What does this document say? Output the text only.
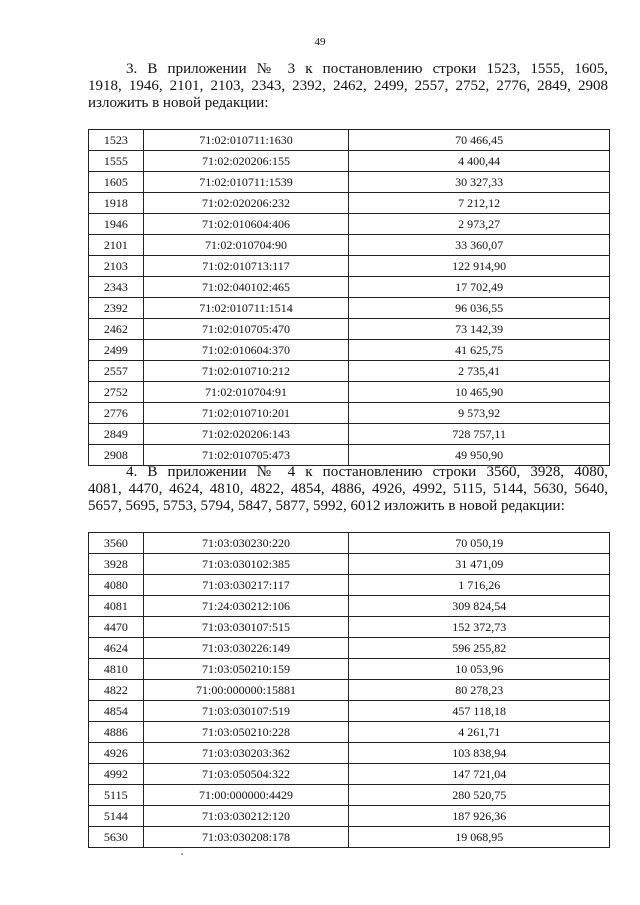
49

3. В приложении № 3 к постановлению строки 1523, 1555, 1605,
1918, 1946, 2101, 2103, 2343, 2392, 2462, 2499, 2557, 2752, 2776, 2849, 2908
изложить в новой редакции:

1523	71:02:010711:1630	70 466,45
1555	71:02:020206:155	4 400,44
1605	71:02:010711:1539	30 327,33
1918	71:02:020206:232	7 212,12
1946	71:02:010604:406	2 973,27
2101	71:02:010704:90	33 360,07
2103	71:02:010713:117	122 914,90
2343	71:02:040102:465	17 702,49
2392	71:02:010711:1514	96 036,55
2462	71:02:010705:470	73 142,39
2499	71:02:010604:370	41 625,75
2557	71:02:010710:212	2 735,41
2752	71:02:010704:91	10 465,90
2776	71:02:010710:201	9 573,92
2849	71:02:020206:143	728 757,11
2908	71:02:010705:473	49 950,90

4. В приложении № 4 к постановлению строки 3560, 3928, 4080,
4081, 4470, 4624, 4810, 4822, 4854, 4886, 4926, 4992, 5115, 5144, 5630, 5640,
5657, 5695, 5753, 5794, 5847, 5877, 5992, 6012 изложить в новой редакции:

3560	71:03:030230:220	70 050,19
3928	71:03:030102:385	31 471,09
4080	71:03:030217:117	1 716,26
4081	71:24:030212:106	309 824,54
4470	71:03:030107:515	152 372,73
4624	71:03:030226:149	596 255,82
4810	71:03:050210:159	10 053,96
4822	71:00:000000:15881	80 278,23
4854	71:03:030107:519	457 118,18
4886	71:03:050210:228	4 261,71
4926	71:03:030203:362	103 838,94
4992	71:03:050504:322	147 721,04
5115	71:00:000000:4429	280 520,75
5144	71:03:030212:120	187 926,36
5630	71:03:030208:178	19 068,95
